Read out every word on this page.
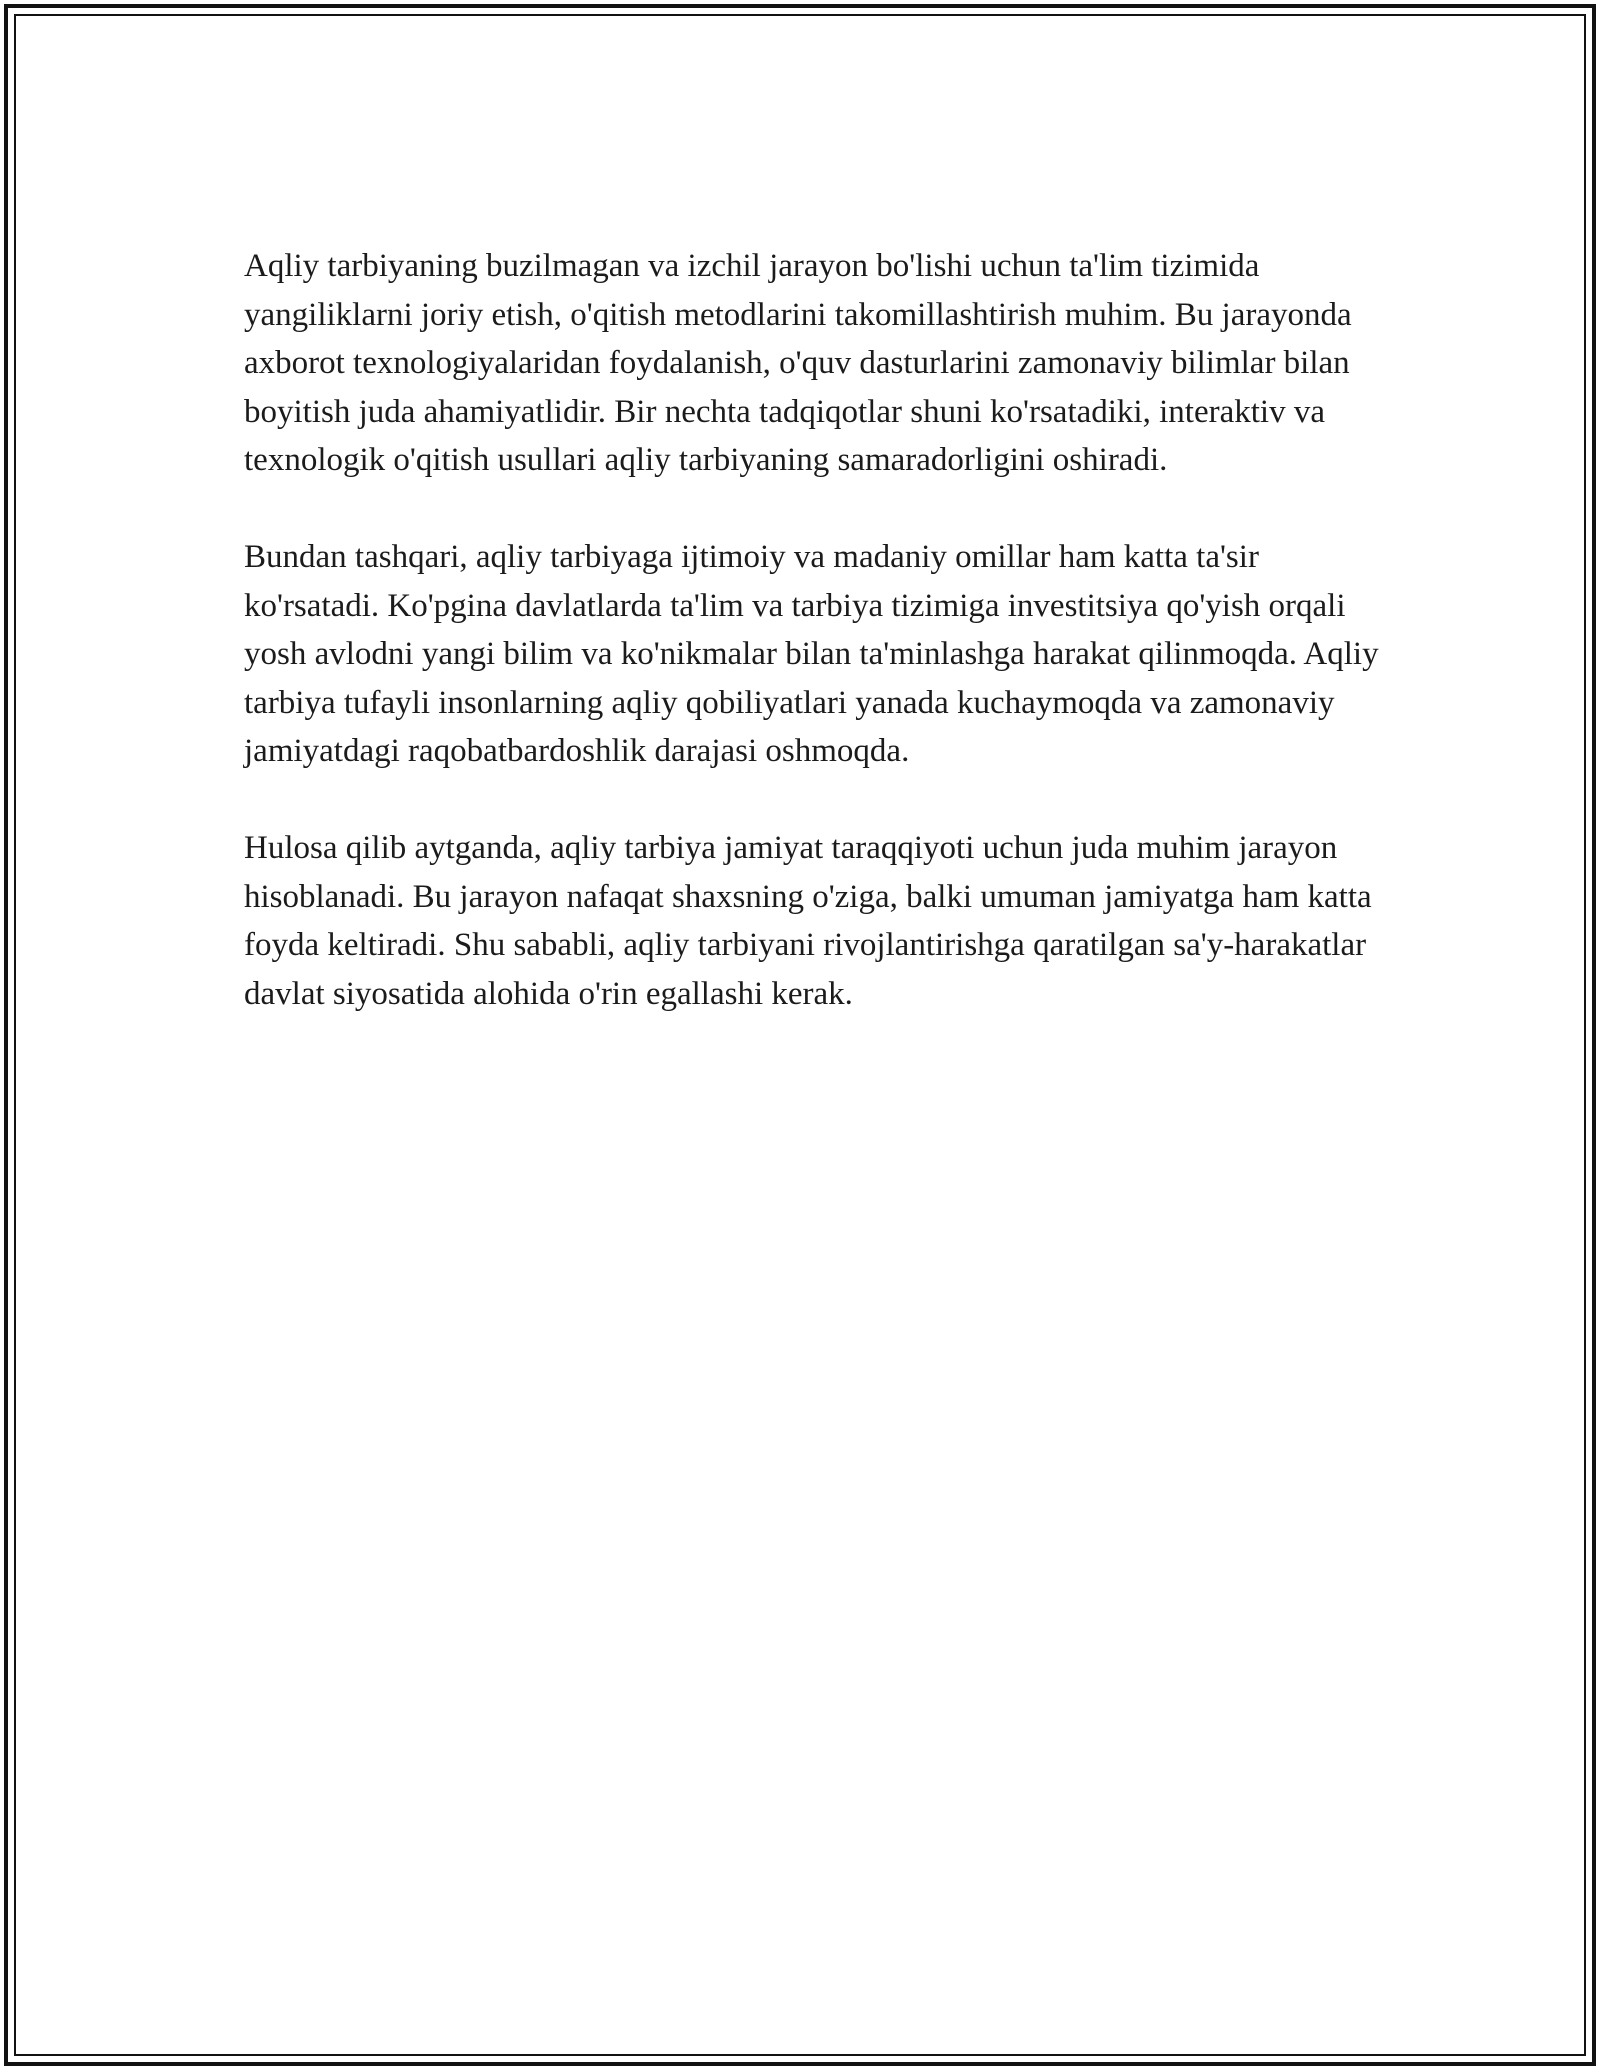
Aqliy tarbiyaning buzilmagan va izchil jarayon bo'lishi uchun ta'lim tizimida yangiliklarni joriy etish, o'qitish metodlarini takomillashtirish muhim. Bu jarayonda axborot texnologiyalaridan foydalanish, o'quv dasturlarini zamonaviy bilimlar bilan boyitish juda ahamiyatlidir. Bir nechta tadqiqotlar shuni ko'rsatadiki, interaktiv va texnologik o'qitish usullari aqliy tarbiyaning samaradorligini oshiradi.

Bundan tashqari, aqliy tarbiyaga ijtimoiy va madaniy omillar ham katta ta'sir ko'rsatadi. Ko'pgina davlatlarda ta'lim va tarbiya tizimiga investitsiya qo'yish orqali yosh avlodni yangi bilim va ko'nikmalar bilan ta'minlashga harakat qilinmoqda. Aqliy tarbiya tufayli insonlarning aqliy qobiliyatlari yanada kuchaymoqda va zamonaviy jamiyatdagi raqobatbardoshlik darajasi oshmoqda.

Hulosa qilib aytganda, aqliy tarbiya jamiyat taraqqiyoti uchun juda muhim jarayon hisoblanadi. Bu jarayon nafaqat shaxsning o'ziga, balki umuman jamiyatga ham katta foyda keltiradi. Shu sababli, aqliy tarbiyani rivojlantirishga qaratilgan sa'y-harakatlar davlat siyosatida alohida o'rin egallashi kerak.
